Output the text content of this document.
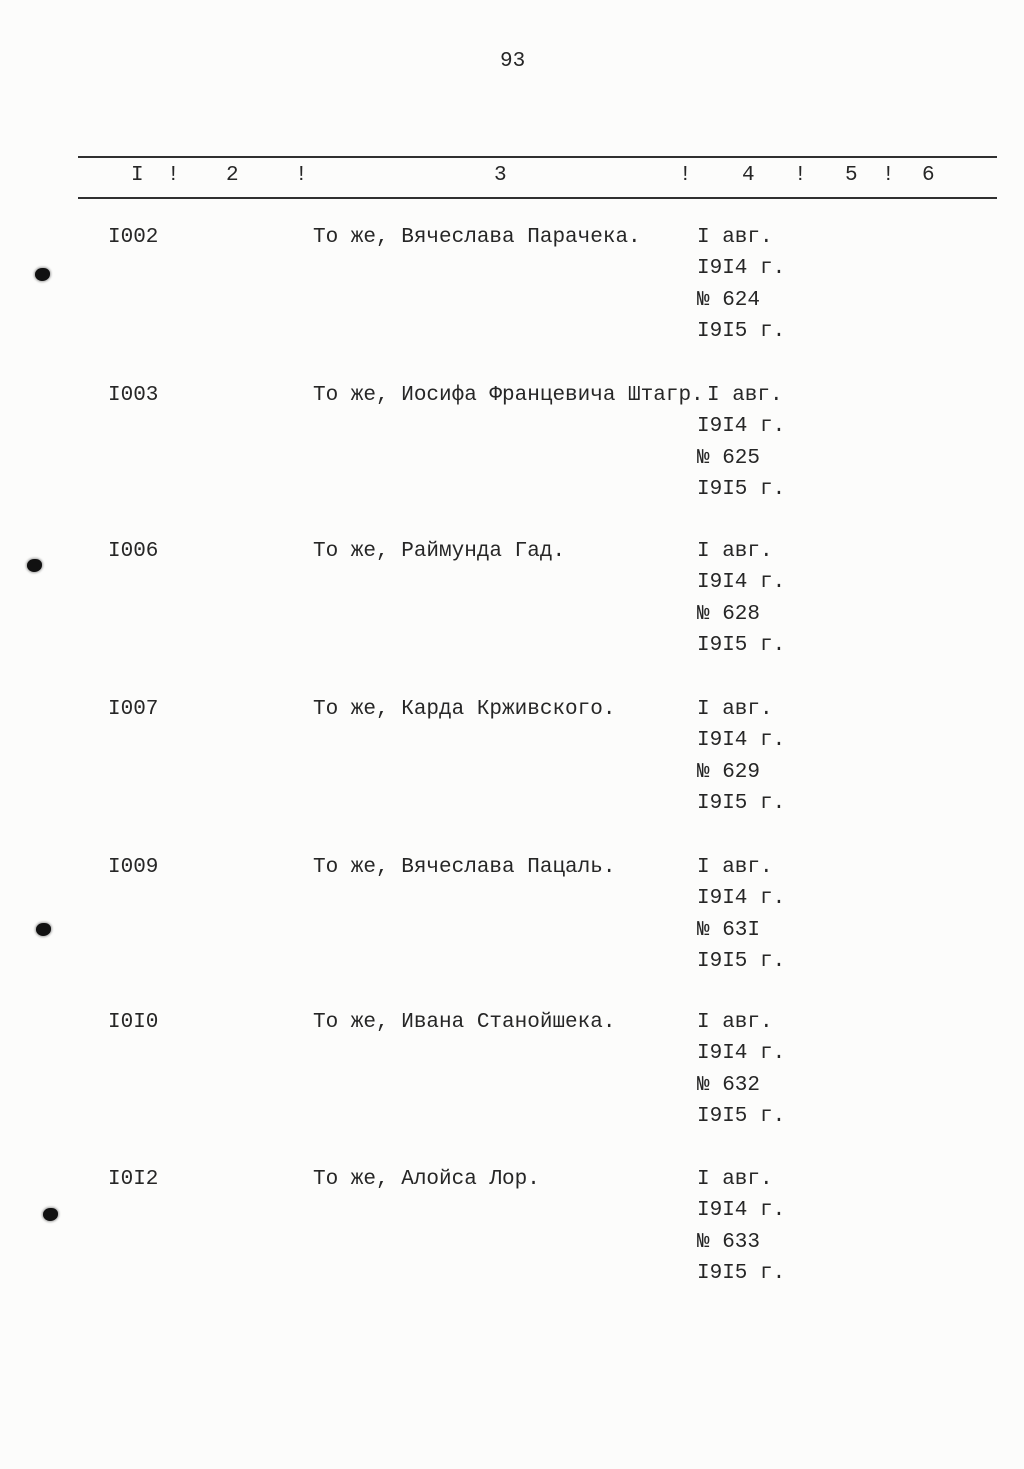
93
I ! 2	!	3	! 4 ! 5 ! 6
I002	То же, Вячеслава Парачека.	I авг.
I9I4 г.
№ 624
I9I5 г.
I003	То же, Иосифа Францевича Штагр. I авг.
I9I4 г.
№ 625
I9I5 г.
I006	То же, Раймунда Гад.	I авг.
I9I4 г.
№ 628
I9I5 г.
I007	То же, Карда Крживского.	I авг.
I9I4 г.
№ 629
I9I5 г.
I009	То же, Вячеслава Пацаль.	I авг.
I9I4 г.
№ 63I
I9I5 г.
I0I0	То же, Ивана Станойшека.	I авг.
I9I4 г.
№ 632
I9I5 г.
I0I2	То же, Алойса Лор.	I авг.
I9I4 г.
№ 633
I9I5 г.
